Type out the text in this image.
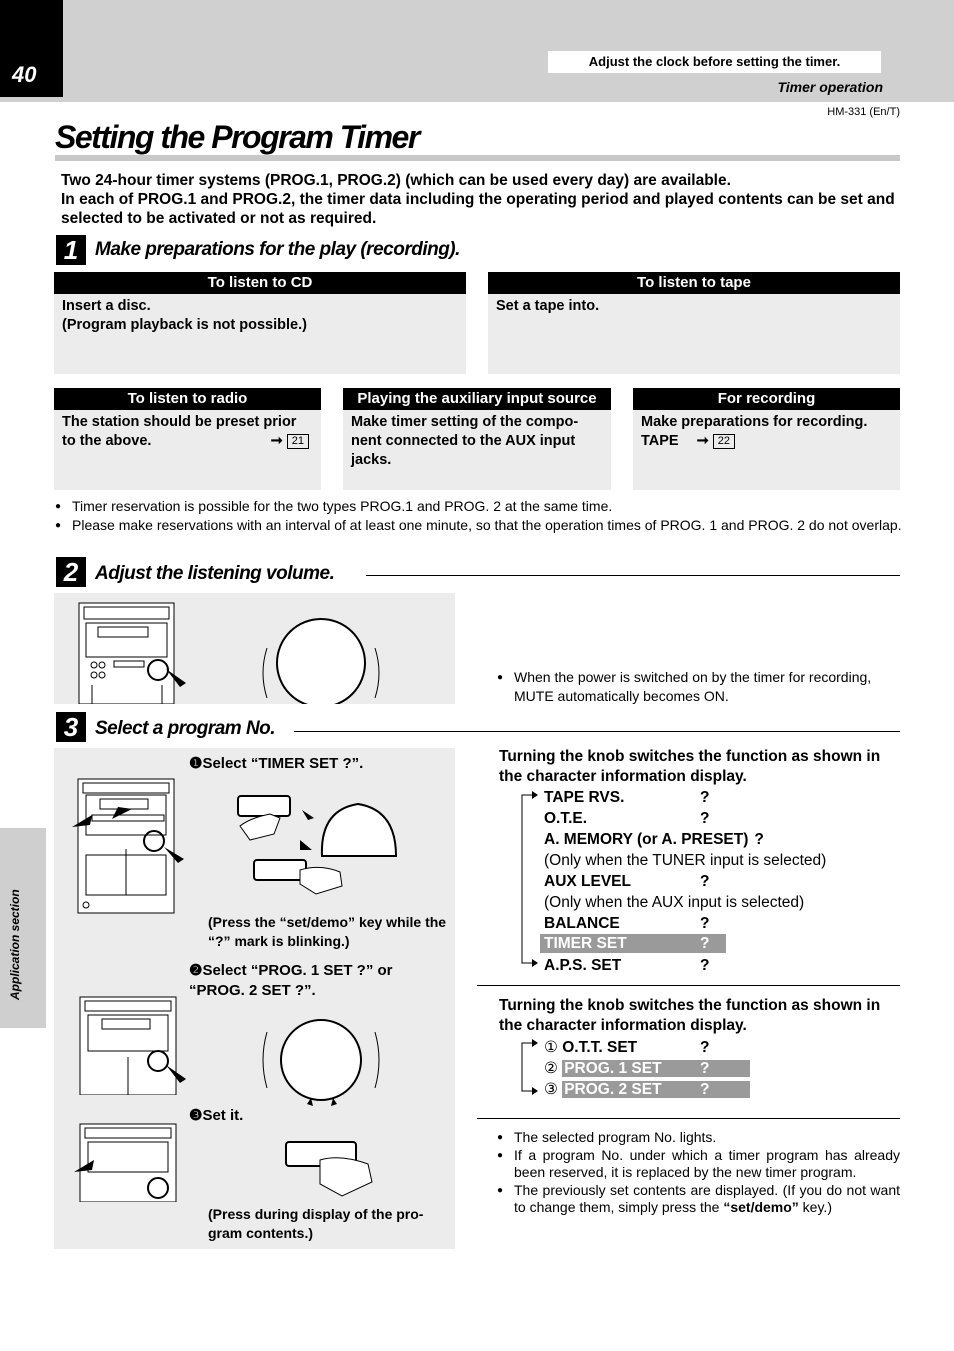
40
Adjust the clock before setting the timer.
Timer operation
HM-331 (En/T)
Setting the Program Timer
Two 24-hour timer systems (PROG.1, PROG.2) (which can be used every day) are available.
In each of PROG.1 and PROG.2, the timer data including the operating period and played contents can be set and selected to be activated or not as required.
1 Make preparations for the play (recording).
To listen to CD
Insert a disc.
(Program playback is not possible.)
To listen to tape
Set a tape into.
To listen to radio
The station should be preset prior
to the above.	➞ 21
Playing the auxiliary input source
Make timer setting of the compo-
nent connected to the AUX input
jacks.
For recording
Make preparations for recording.
TAPE ➞ 22
● Timer reservation is possible for the two types PROG.1 and PROG. 2 at the same time.
● Please make reservations with an interval of at least one minute, so that the operation times of PROG. 1 and PROG. 2 do not overlap.
2 Adjust the listening volume.
● When the power is switched on by the timer for recording, MUTE automatically becomes ON.
3 Select a program No.
❶Select “TIMER SET ?”.
(Press the “set/demo” key while the “?” mark is blinking.)
❷Select “PROG. 1 SET ?” or “PROG. 2 SET ?”.
❸Set it.
(Press during display of the pro- gram contents.)
Turning the knob switches the function as shown in the character information display.
TAPE RVS.	?
O.T.E.	?
A. MEMORY (or A. PRESET) ?
(Only when the TUNER input is selected)
AUX LEVEL	?
(Only when the AUX input is selected)
BALANCE	?
TIMER SET	?
A.P.S. SET	?
Turning the knob switches the function as shown in the character information display.
① O.T.T. SET	?
② PROG. 1 SET ?
③ PROG. 2 SET ?
● The selected program No. lights.
● If a program No. under which a timer program has already been reserved, it is replaced by the new timer program.
● The previously set contents are displayed. (If you do not want to change them, simply press the “set/demo” key.)
Application section
